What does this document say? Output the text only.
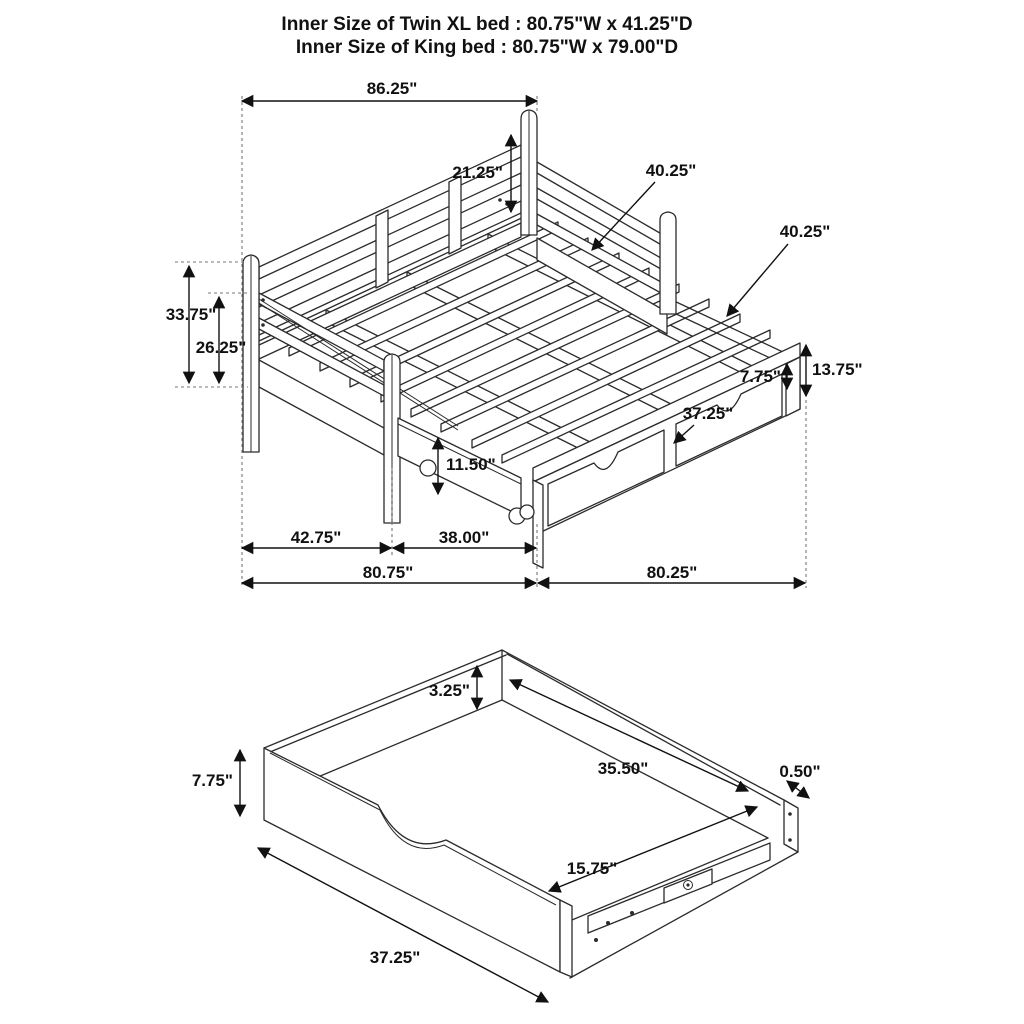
Inner Size of Twin XL bed : 80.75"W x 41.25"D
Inner Size of King bed : 80.75"W x 79.00"D
86.25"
21.25"	40.25"
40.25"
33.75"
26.25"
7.75" 13.75"
37.25"
11.50"
42.75"	38.00"
80.75"	80.25"
3.25"
35.50"
7.75"	0.50"
15.75"
37.25"
